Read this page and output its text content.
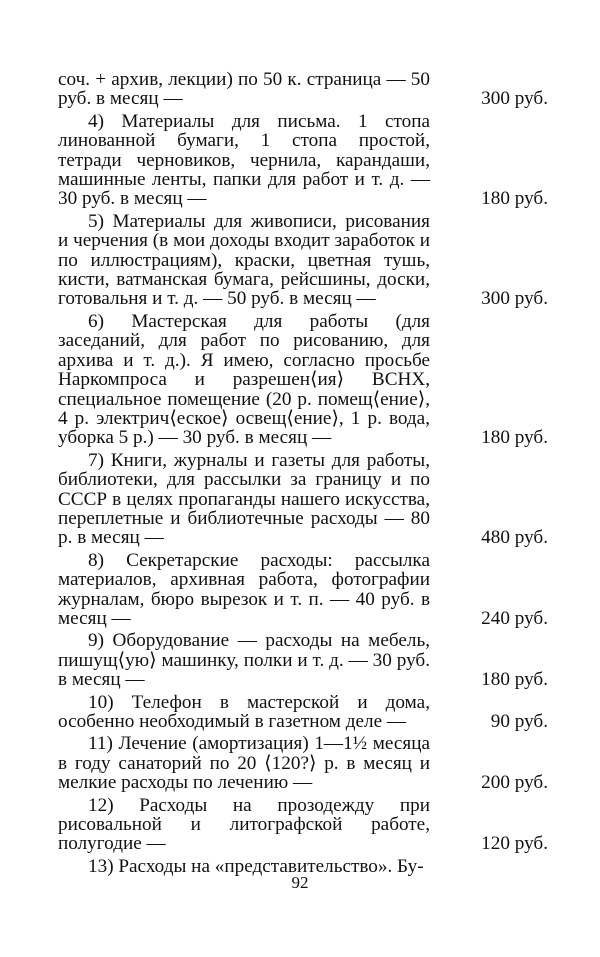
соч. + архив, лекции) по 50 к. страница — 50 руб. в месяц —	300 руб.

4) Материалы для письма. 1 стопа линованной бумаги, 1 стопа простой, тетради черновиков, чернила, карандаши, машинные ленты, папки для работ и т. д. — 30 руб. в месяц —	180 руб.

5) Материалы для живописи, рисования и черчения (в мои доходы входит заработок и по иллюстрациям), краски, цветная тушь, кисти, ватманская бумага, рейсшины, доски, готовальня и т. д. — 50 руб. в месяц —	300 руб.

6) Мастерская для работы (для заседаний, для работ по рисованию, для архива и т. д.). Я имею, согласно просьбе Наркомпроса и разрешен⟨ия⟩ ВСНХ, специальное помещение (20 р. помещ⟨ение⟩, 4 р. электрич⟨еское⟩ освещ⟨ение⟩, 1 р. вода, уборка 5 р.) — 30 руб. в месяц —	180 руб.

7) Книги, журналы и газеты для работы, библиотеки, для рассылки за границу и по СССР в целях пропаганды нашего искусства, переплетные и библиотечные расходы — 80 р. в месяц —	480 руб.

8) Секретарские расходы: рассылка материалов, архивная работа, фотографии журналам, бюро вырезок и т. п. — 40 руб. в месяц —	240 руб.

9) Оборудование — расходы на мебель, пишущ⟨ую⟩ машинку, полки и т. д. — 30 руб. в месяц —	180 руб.

10) Телефон в мастерской и дома, особенно необходимый в газетном деле —	90 руб.

11) Лечение (амортизация) 1—1½ месяца в году санаторий по 20 ⟨120?⟩ р. в месяц и мелкие расходы по лечению —	200 руб.

12) Расходы на прозодежду при рисовальной и литографской работе, полугодие —	120 руб.

13) Расходы на «представительство». Бу-

92
